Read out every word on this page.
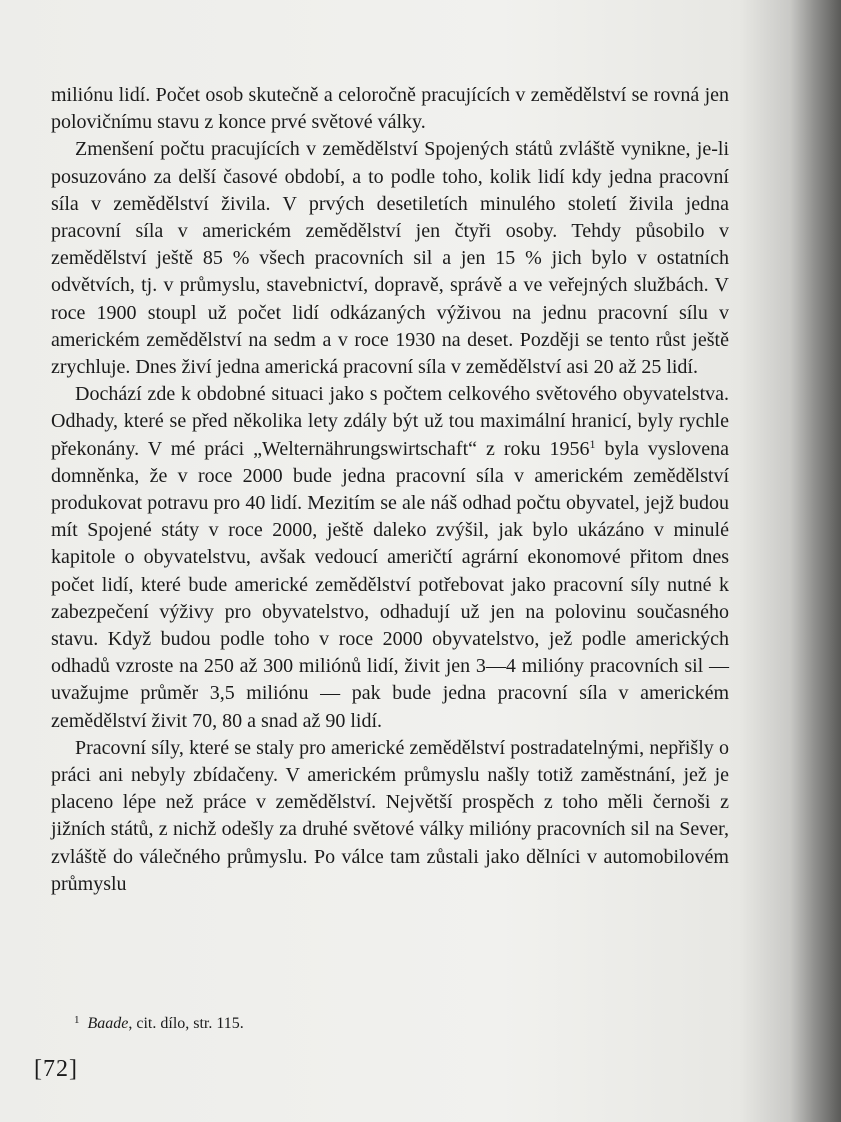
miliónu lidí. Počet osob skutečně a celoročně pracujících v zemědělství se rovná jen polovičnímu stavu z konce prvé světové války.

Zmenšení počtu pracujících v zemědělství Spojených států zvláště vynikne, je-li posuzováno za delší časové období, a to podle toho, kolik lidí kdy jedna pracovní síla v zemědělství živila. V prvých desetiletích minulého století živila jedna pracovní síla v americkém zemědělství jen čtyři osoby. Tehdy působilo v zemědělství ještě 85 % všech pracovních sil a jen 15 % jich bylo v ostatních odvětvích, tj. v průmyslu, stavebnictví, dopravě, správě a ve veřejných službách. V roce 1900 stoupl už počet lidí odkázaných výživou na jednu pracovní sílu v americkém zemědělství na sedm a v roce 1930 na deset. Později se tento růst ještě zrychluje. Dnes živí jedna americká pracovní síla v zemědělství asi 20 až 25 lidí.

Dochází zde k obdobné situaci jako s počtem celkového světového obyvatelstva. Odhady, které se před několika lety zdály být už tou maximální hranicí, byly rychle překonány. V mé práci „Welternährungswirtschaft“ z roku 1956$^1$ byla vyslovena domněnka, že v roce 2000 bude jedna pracovní síla v americkém zemědělství produkovat potravu pro 40 lidí. Mezitím se ale náš odhad počtu obyvatel, jejž budou mít Spojené státy v roce 2000, ještě daleko zvýšil, jak bylo ukázáno v minulé kapitole o obyvatelstvu, avšak vedoucí američtí agrární ekonomové přitom dnes počet lidí, které bude americké zemědělství potřebovat jako pracovní síly nutné k zabezpečení výživy pro obyvatelstvo, odhadují už jen na polovinu současného stavu. Když budou podle toho v roce 2000 obyvatelstvo, jež podle amerických odhadů vzroste na 250 až 300 miliónů lidí, živit jen 3—4 milióny pracovních sil — uvažujme průměr 3,5 miliónu — pak bude jedna pracovní síla v americkém zemědělství živit 70, 80 a snad až 90 lidí.

Pracovní síly, které se staly pro americké zemědělství postradatelnými, nepřišly o práci ani nebyly zbídačeny. V americkém průmyslu našly totiž zaměstnání, jež je placeno lépe než práce v zemědělství. Největší prospěch z toho měli černoši z jižních států, z nichž odešly za druhé světové války milióny pracovních sil na Sever, zvláště do válečného průmyslu. Po válce tam zůstali jako dělníci v automobilovém průmyslu

$^1$ Baade, cit. dílo, str. 115.
[72]
